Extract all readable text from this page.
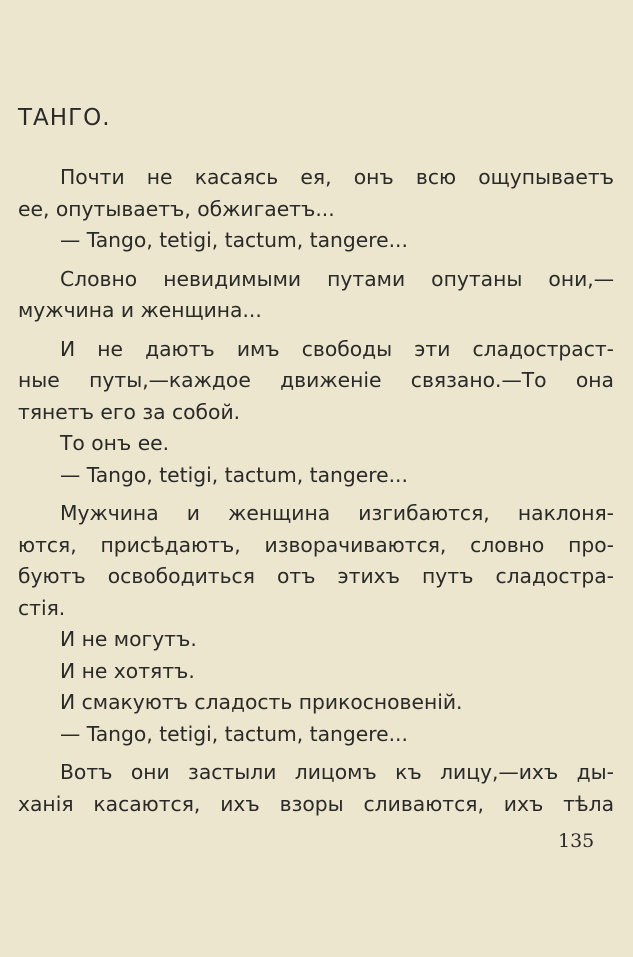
ТАНГО.
Почти не касаясь ея, онъ всю ощупываетъ
ее, опутываетъ, обжигаетъ...
— Tango, tetigi, tactum, tangere...
Словно невидимыми путами опутаны они,—
мужчина и женщина...
И не даютъ имъ свободы эти сладостраст-
ные путы,—каждое движеніе связано.—То она
тянетъ его за собой.
То онъ ее.
— Tango, tetigi, tactum, tangere...
Мужчина и женщина изгибаются, наклоня-
ются, присѣдаютъ, изворачиваются, словно про-
буютъ освободиться отъ этихъ путъ сладостра-
стія.
И не могутъ.
И не хотятъ.
И смакуютъ сладость прикосновеній.
— Tango, tetigi, tactum, tangere...
Вотъ они застыли лицомъ къ лицу,—ихъ ды-
ханія касаются, ихъ взоры сливаются, ихъ тѣла
135
